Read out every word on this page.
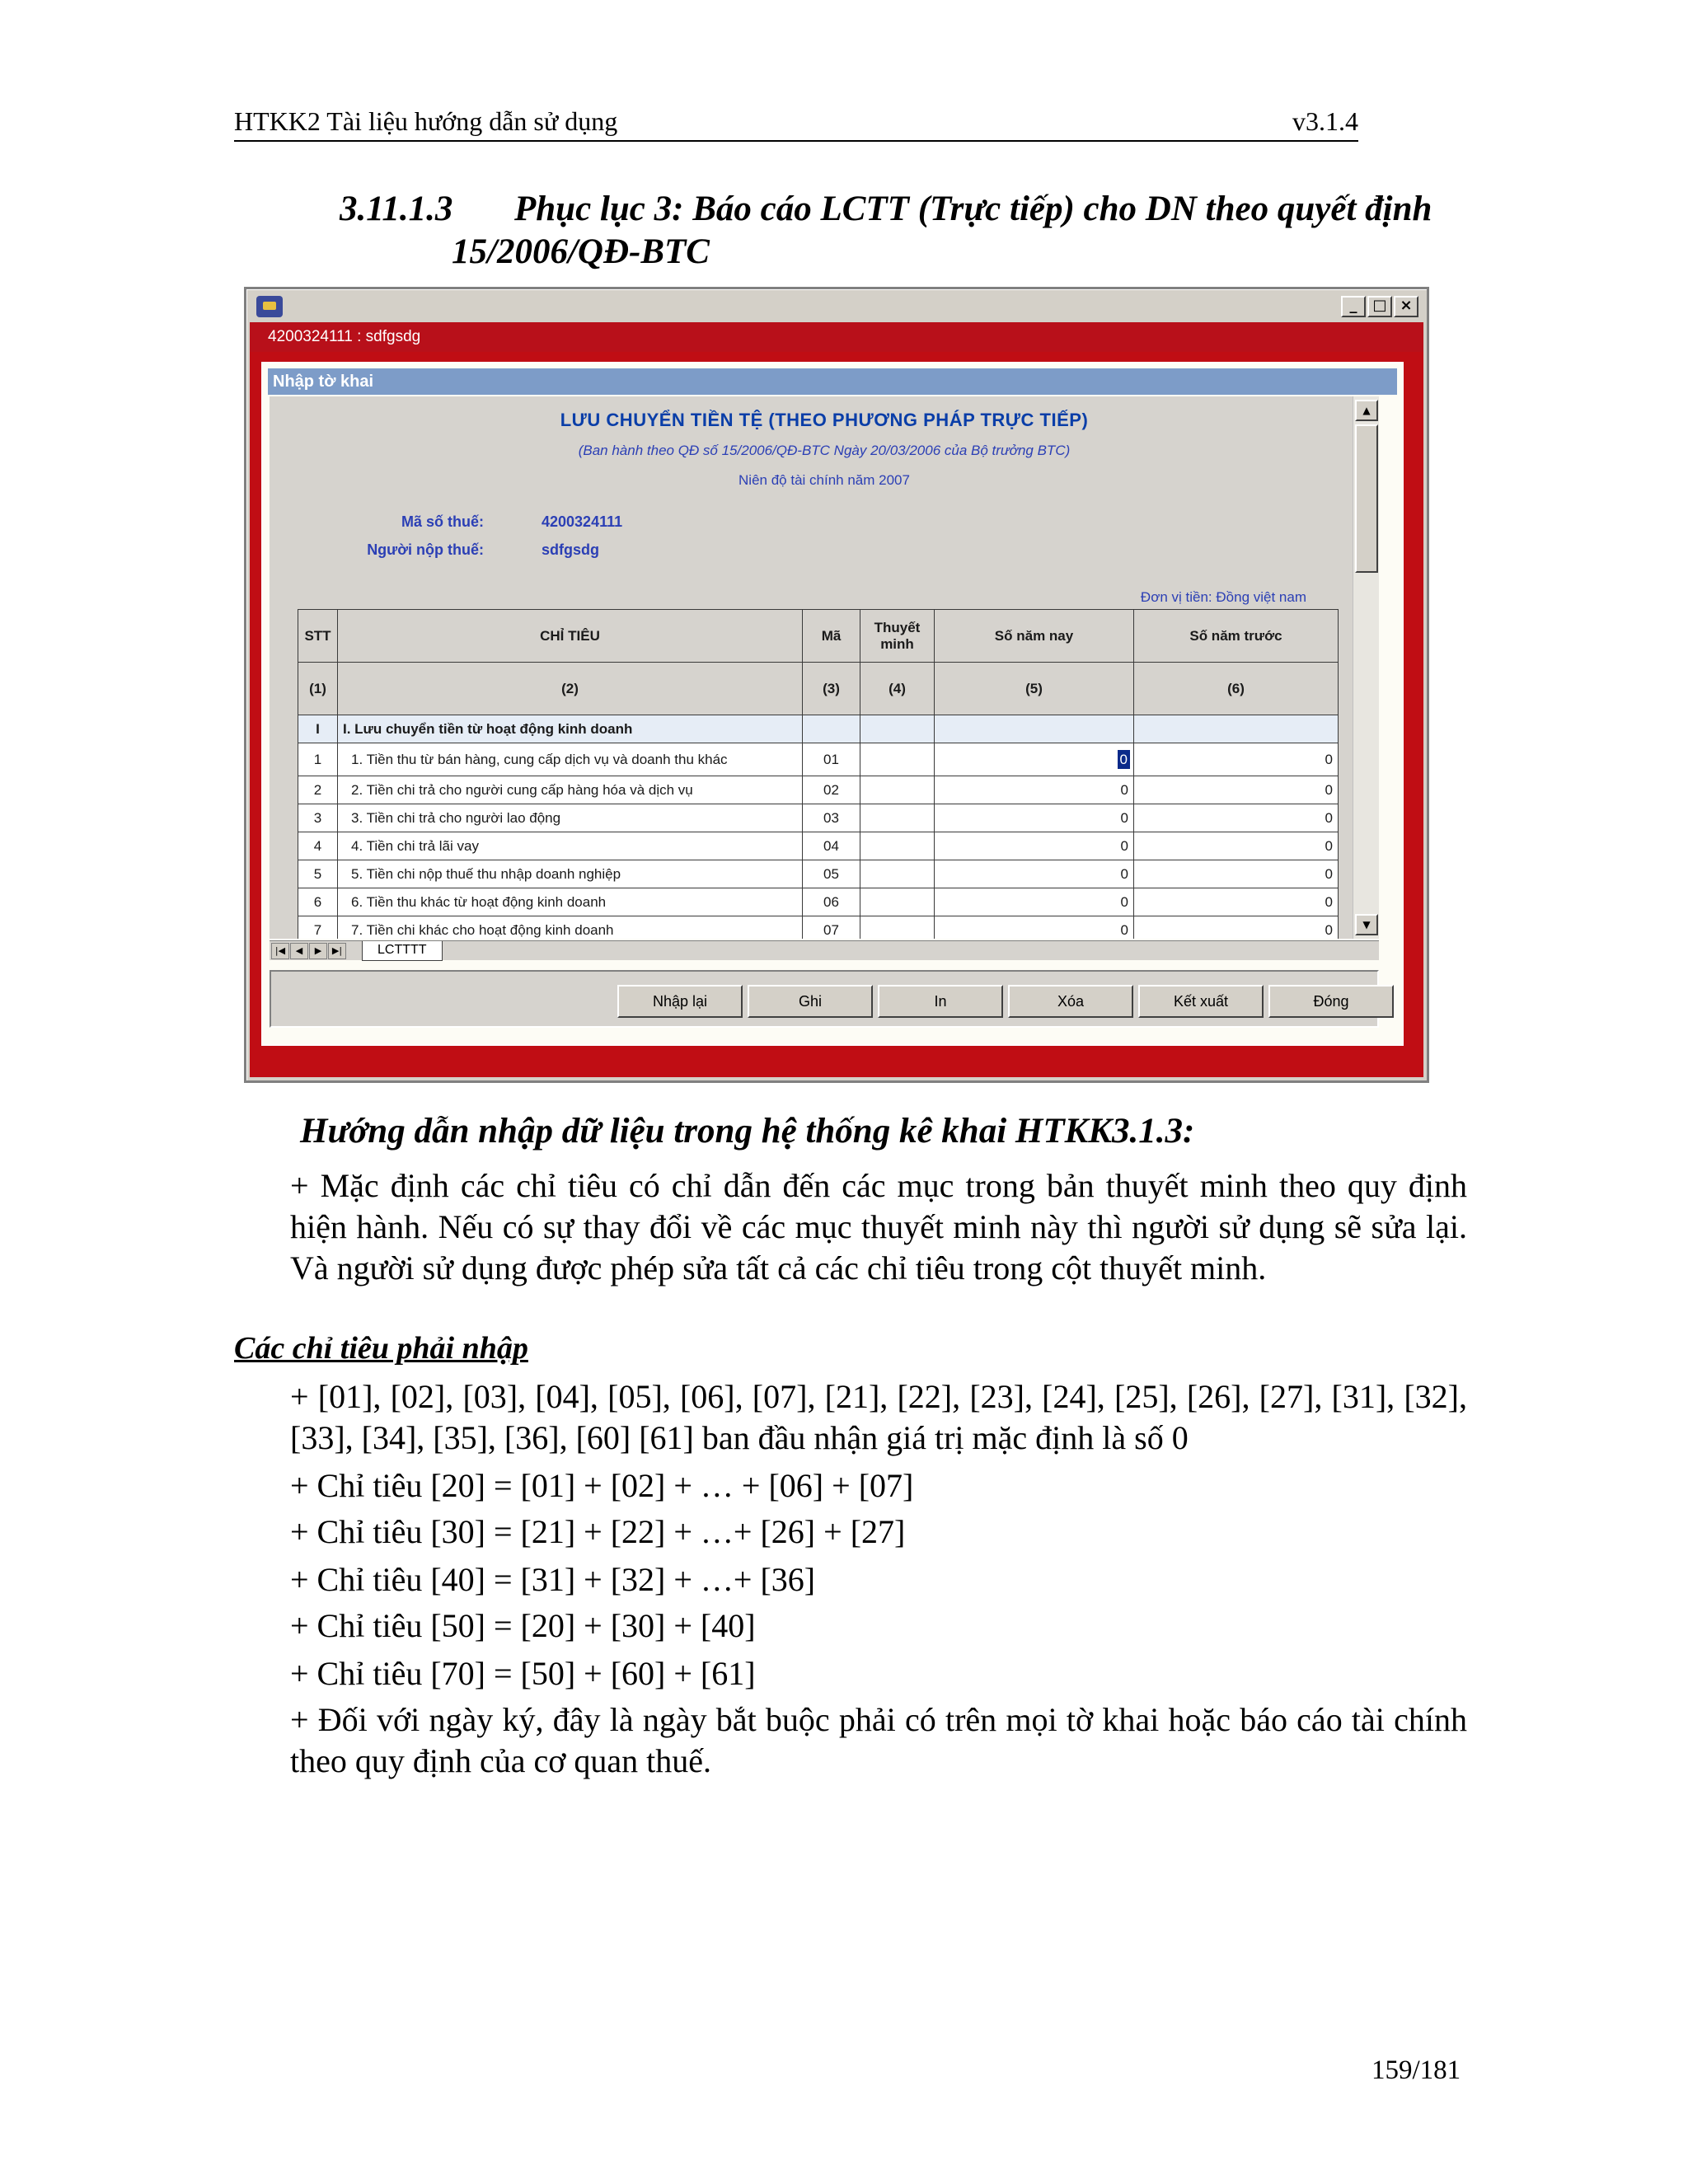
HTKK2 Tài liệu hướng dẫn sử dụng	v3.1.4
3.11.1.3 Phục lục 3: Báo cáo LCTT (Trực tiếp) cho DN theo quyết định
15/2006/QĐ-BTC
_	□ ×
4200324111 : sdfgsdg
Nhập tờ khai
LƯU CHUYỂN TIỀN TỆ (THEO PHƯƠNG PHÁP TRỰC TIẾP)
(Ban hành theo QĐ số 15/2006/QĐ-BTC Ngày 20/03/2006 của Bộ trưởng BTC)
Niên độ tài chính năm 2007
Mã số thuế:	4200324111
Người nộp thuế:	sdfgsdg
Đơn vị tiền: Đồng việt nam
STT	CHỈ TIÊU	Mã	Thuyết minh	Số năm nay	Số năm trước
(1)	(2)	(3)	(4)	(5)	(6)
I	I. Lưu chuyển tiền từ hoạt động kinh doanh				
1	1. Tiền thu từ bán hàng, cung cấp dịch vụ và doanh thu khác	01		0	0
2	2. Tiền chi trả cho người cung cấp hàng hóa và dịch vụ	02		0	0
3	3. Tiền chi trả cho người lao động	03		0	0
4	4. Tiền chi trả lãi vay	04		0	0
5	5. Tiền chi nộp thuế thu nhập doanh nghiệp	05		0	0
6	6. Tiền thu khác từ hoạt động kinh doanh	06		0	0
7	7. Tiền chi khác cho hoạt động kinh doanh	07		0	0

▲
▼
|◀	◀	▶	▶|	LCTTTT
Nhập lại	Ghi	In	Xóa	Kết xuất	Đóng
Hướng dẫn nhập dữ liệu trong hệ thống kê khai HTKK3.1.3:
+ Mặc định các chỉ tiêu có chỉ dẫn đến các mục trong bản thuyết minh theo quy định hiện hành. Nếu có sự thay đổi về các mục thuyết minh này thì người sử dụng sẽ sửa lại. Và người sử dụng được phép sửa tất cả các chỉ tiêu trong cột thuyết minh.
Các chỉ tiêu phải nhập
+ [01], [02], [03], [04], [05], [06], [07], [21], [22], [23], [24], [25], [26], [27], [31], [32], [33], [34], [35], [36], [60] [61] ban đầu nhận giá trị mặc định là số 0
+ Chỉ tiêu [20] = [01] + [02] + … + [06] + [07]
+ Chỉ tiêu [30] = [21] + [22] + …+ [26] + [27]
+ Chỉ tiêu [40] = [31] + [32] + …+ [36]
+ Chỉ tiêu [50] = [20] + [30] + [40]
+ Chỉ tiêu [70] = [50] + [60] + [61]
+ Đối với ngày ký, đây là ngày bắt buộc phải có trên mọi tờ khai hoặc báo cáo tài chính theo quy định của cơ quan thuế.
159/181
